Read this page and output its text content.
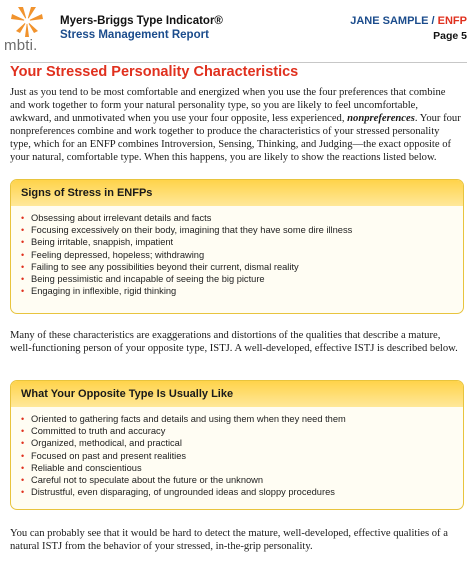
mbti.
Myers-Briggs Type Indicator®
Stress Management Report
JANE SAMPLE / ENFP
Page 5
Your Stressed Personality Characteristics

Just as you tend to be most comfortable and energized when you use the four preferences that combine and work together to form your natural personality type, so you are likely to feel uncomfortable, awkward, and unmotivated when you use your four opposite, less experienced, nonpreferences. Your four nonpreferences combine and work together to produce the characteristics of your stressed personality type, which for an ENFP combines Introversion, Sensing, Thinking, and Judging—the exact opposite of your natural, comfortable type. When this happens, you are likely to show the reactions listed below.

Signs of Stress in ENFPs
• Obsessing about irrelevant details and facts
• Focusing excessively on their body, imagining that they have some dire illness
• Being irritable, snappish, impatient
• Feeling depressed, hopeless; withdrawing
• Failing to see any possibilities beyond their current, dismal reality
• Being pessimistic and incapable of seeing the big picture
• Engaging in inflexible, rigid thinking

Many of these characteristics are exaggerations and distortions of the qualities that describe a mature, well-functioning person of your opposite type, ISTJ. A well-developed, effective ISTJ is described below.

What Your Opposite Type Is Usually Like
• Oriented to gathering facts and details and using them when they need them
• Committed to truth and accuracy
• Organized, methodical, and practical
• Focused on past and present realities
• Reliable and conscientious
• Careful not to speculate about the future or the unknown
• Distrustful, even disparaging, of ungrounded ideas and sloppy procedures

You can probably see that it would be hard to detect the mature, well-developed, effective qualities of a natural ISTJ from the behavior of your stressed, in-the-grip personality.
